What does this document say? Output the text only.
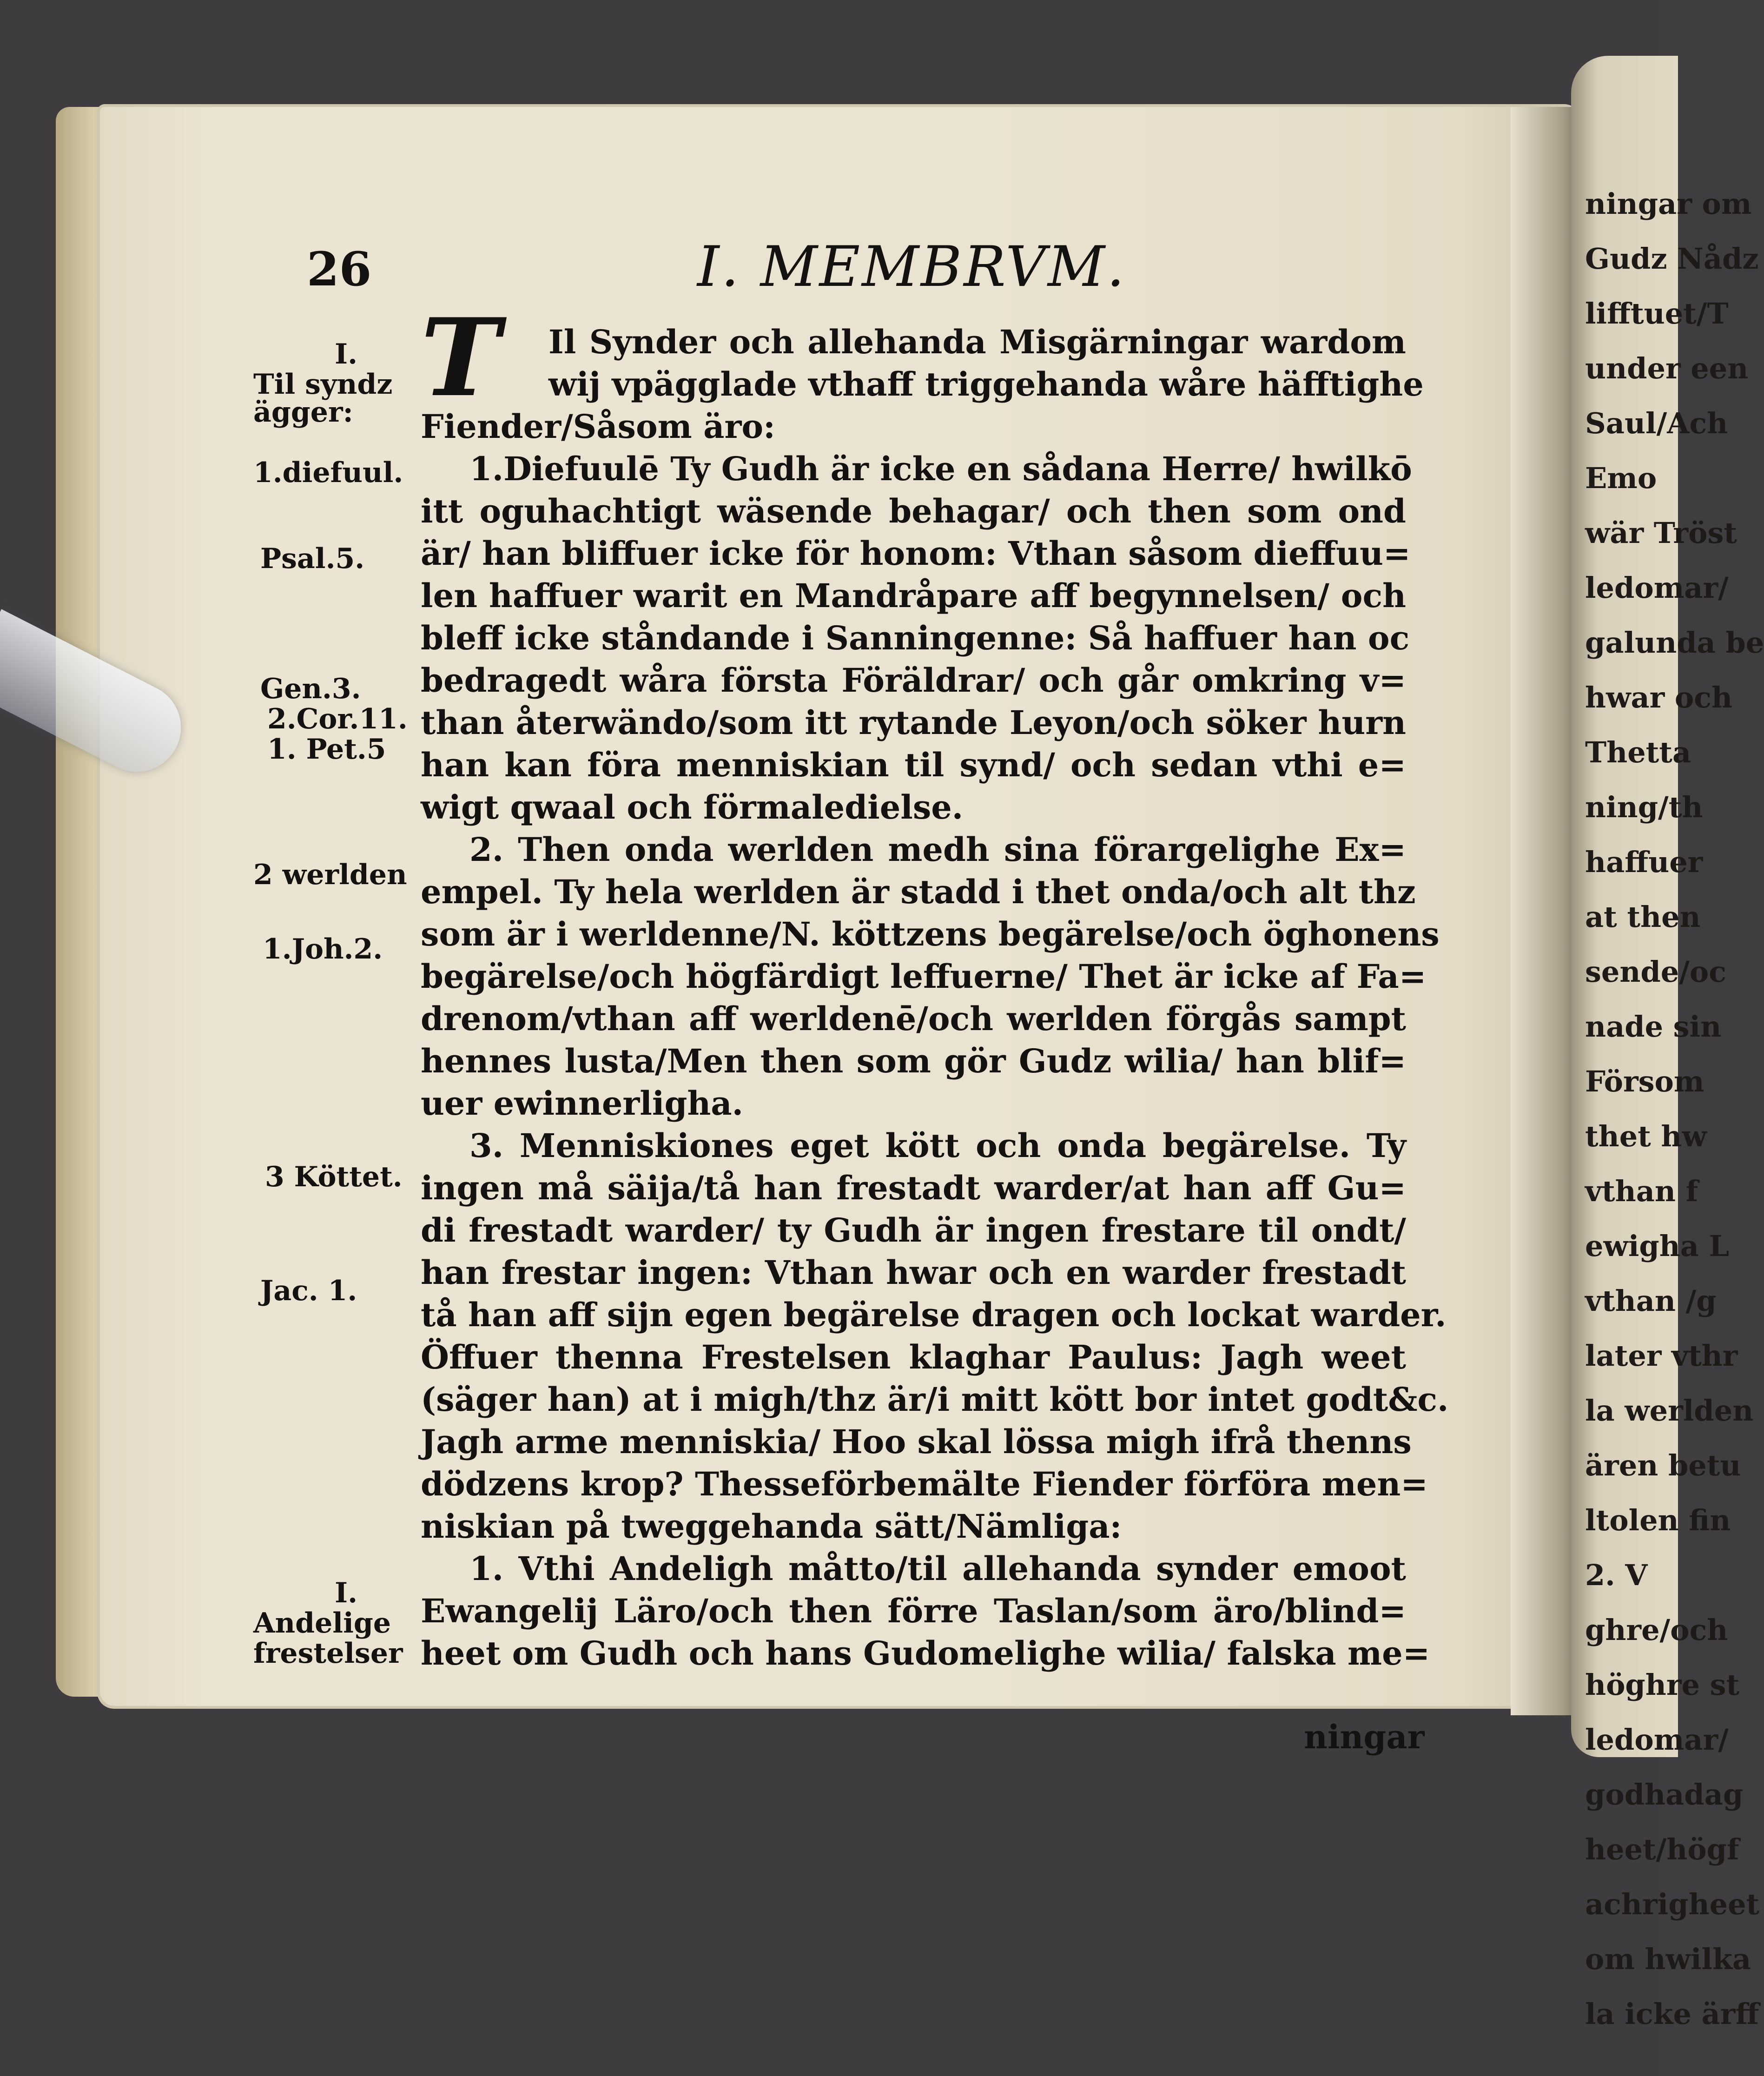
ningar om
Gudz Nådz
lifftuet/T
under een
Saul/Ach
Emo
wär Tröst
ledomar/
galunda be
hwar och
Thetta
ning/th
haffuer
at then
sende/oc
nade sin
Försom
thet hw
vthan f
ewigha L
vthan /g
later vthr
la werlden
ären betu
ltolen fin
2. V
ghre/och
höghre st
ledomar/
godhadag
heet/högf
achrigheet
om hwilka
la icke ärff
26	I. MEMBRVM.
I.
Til syndz
ägger:
1.diefuul.
Psal.5.
Gen.3.
2.Cor.11.
1. Pet.5
2 werlden
1.Joh.2.
3 Köttet.
Jac. 1.
I.
Andelige
frestelser
T Il Synder och allehanda Misgärningar wardom
wij vpägglade vthaff triggehanda wåre häfftighe
Fiender/Såsom äro:
1.Diefuulē Ty Gudh är icke en sådana Herre/ hwilkō
itt oguhachtigt wäsende behagar/ och then som ond
är/ han bliffuer icke för honom: Vthan såsom dieffuu=
len haffuer warit en Mandråpare aff begynnelsen/ och
bleff icke ståndande i Sanningenne: Så haffuer han oc
bedragedt wåra första Föräldrar/ och går omkring v=
than återwändo/som itt rytande Leyon/och söker hurn
han kan föra menniskian til synd/ och sedan vthi e=
wigt qwaal och förmaledielse.
2. Then onda werlden medh sina förargelighe Ex=
empel. Ty hela werlden är stadd i thet onda/och alt thz
som är i werldenne/N. köttzens begärelse/och öghonens
begärelse/och högfärdigt leffuerne/ Thet är icke af Fa=
drenom/vthan aff werldenē/och werlden förgås sampt
hennes lusta/Men then som gör Gudz wilia/ han blif=
uer ewinnerligha.
3. Menniskiones eget kött och onda begärelse. Ty
ingen må säija/tå han frestadt warder/at han aff Gu=
di frestadt warder/ ty Gudh är ingen frestare til ondt/
han frestar ingen: Vthan hwar och en warder frestadt
tå han aff sijn egen begärelse dragen och lockat warder.
Öffuer thenna Frestelsen klaghar Paulus: Jagh weet
(säger han) at i migh/thz är/i mitt kött bor intet godt&c.
Jagh arme menniskia/ Hoo skal lössa migh ifrå thenns
dödzens krop? Thesseförbemälte Fiender förföra men=
niskian på tweggehanda sätt/Nämliga:
1. Vthi Andeligh måtto/til allehanda synder emoot
Ewangelij Läro/och then förre Taslan/som äro/blind=
heet om Gudh och hans Gudomelighe wilia/ falska me=
ningar
